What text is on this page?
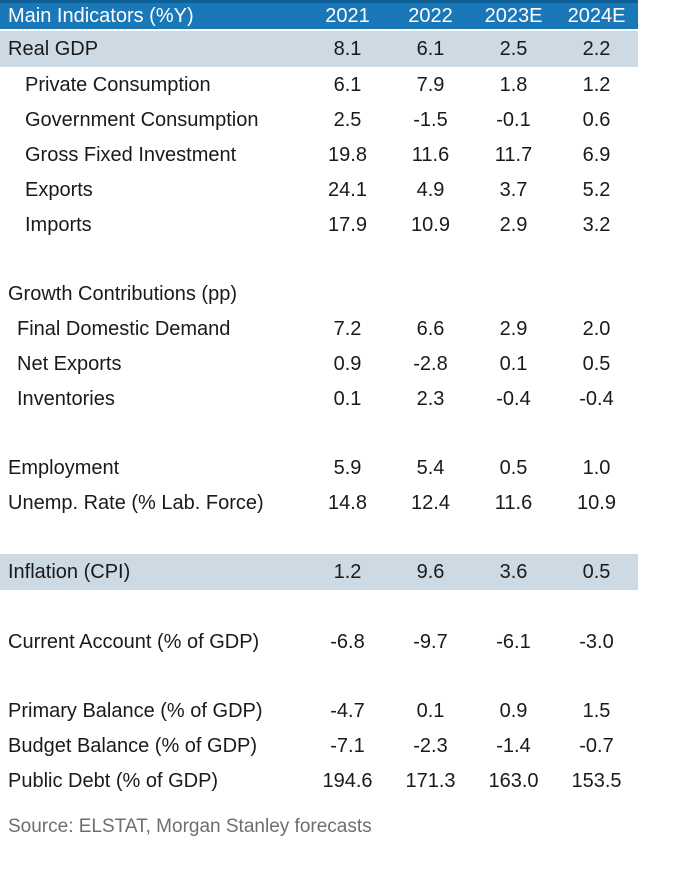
Main Indicators (%Y)	2021	2022	2023E	2024E
Real GDP	8.1	6.1	2.5	2.2
Private Consumption	6.1	7.9	1.8	1.2
Government Consumption	2.5	-1.5	-0.1	0.6
Gross Fixed Investment	19.8	11.6	11.7	6.9
Exports	24.1	4.9	3.7	5.2
Imports	17.9	10.9	2.9	3.2
Growth Contributions (pp)
Final Domestic Demand	7.2	6.6	2.9	2.0
Net Exports	0.9	-2.8	0.1	0.5
Inventories	0.1	2.3	-0.4	-0.4
Employment	5.9	5.4	0.5	1.0
Unemp. Rate (% Lab. Force)	14.8	12.4	11.6	10.9
Inflation (CPI)	1.2	9.6	3.6	0.5
Current Account (% of GDP)	-6.8	-9.7	-6.1	-3.0
Primary Balance (% of GDP)	-4.7	0.1	0.9	1.5
Budget Balance (% of GDP)	-7.1	-2.3	-1.4	-0.7
Public Debt (% of GDP)	194.6	171.3	163.0	153.5
Source: ELSTAT, Morgan Stanley forecasts
